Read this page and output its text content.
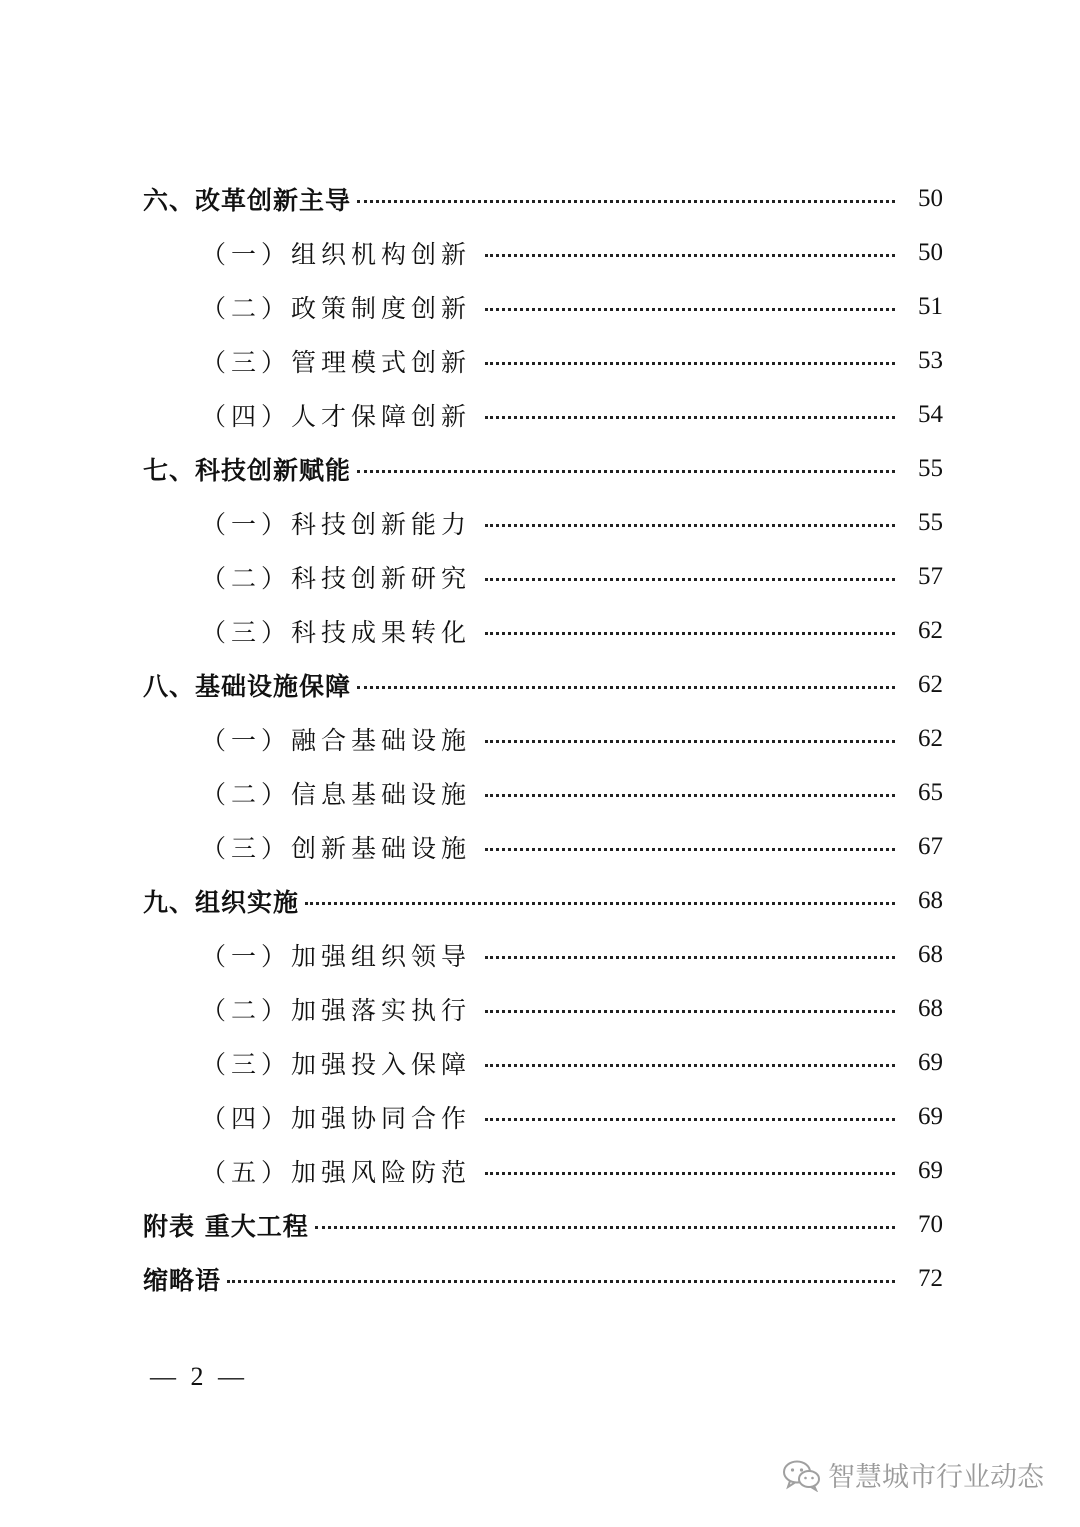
六、改革创新主导	50
（一）组织机构创新	50
（二）政策制度创新	51
（三）管理模式创新	53
（四）人才保障创新	54
七、科技创新赋能	55
（一）科技创新能力	55
（二）科技创新研究	57
（三）科技成果转化	62
八、基础设施保障	62
（一）融合基础设施	62
（二）信息基础设施	65
（三）创新基础设施	67
九、组织实施	68
（一）加强组织领导	68
（二）加强落实执行	68
（三）加强投入保障	69
（四）加强协同合作	69
（五）加强风险防范	69
附表 重大工程	70
缩略语	72
— 2 —
智慧城市行业动态
